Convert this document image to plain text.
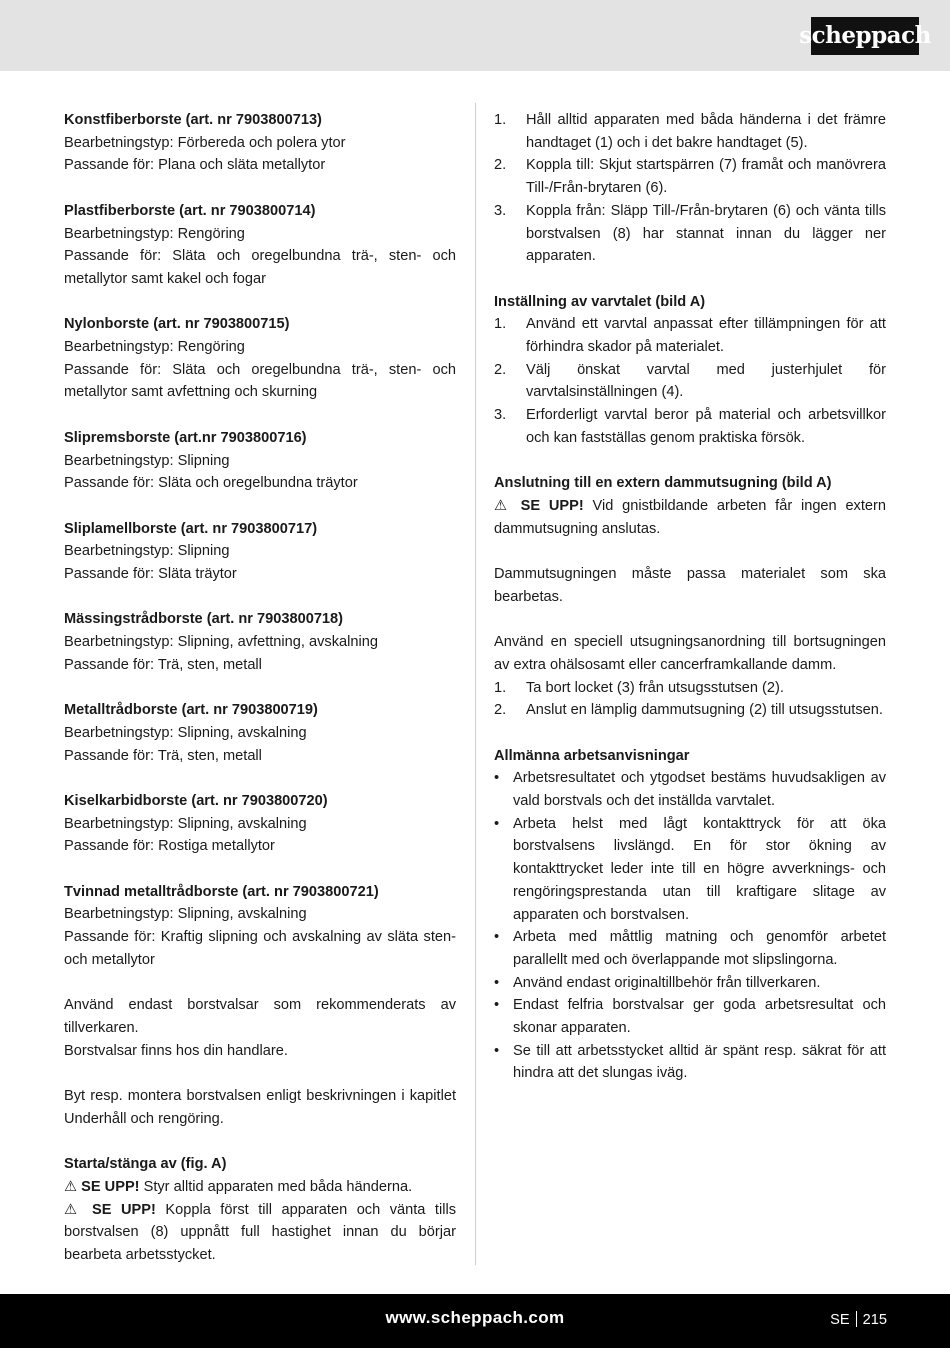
scheppach

Konstfiberborste (art. nr 7903800713)

Bearbetningstyp: Förbereda och polera ytor

Passande för: Plana och släta metallytor

Plastfiberborste (art. nr 7903800714)

Bearbetningstyp: Rengöring

Passande för: Släta och oregelbundna trä-, sten- och metallytor samt kakel och fogar

Nylonborste (art. nr 7903800715)

Bearbetningstyp: Rengöring

Passande för: Släta och oregelbundna trä-, sten- och metallytor samt avfettning och skurning

Slipremsborste (art.nr 7903800716)

Bearbetningstyp: Slipning

Passande för: Släta och oregelbundna träytor

Sliplamellborste (art. nr 7903800717)

Bearbetningstyp: Slipning

Passande för: Släta träytor

Mässingstrådborste (art. nr 7903800718)

Bearbetningstyp: Slipning, avfettning, avskalning

Passande för: Trä, sten, metall

Metalltrådborste (art. nr 7903800719)

Bearbetningstyp: Slipning, avskalning

Passande för: Trä, sten, metall

Kiselkarbidborste (art. nr 7903800720)

Bearbetningstyp: Slipning, avskalning

Passande för: Rostiga metallytor

Tvinnad metalltrådborste (art. nr 7903800721)

Bearbetningstyp: Slipning, avskalning

Passande för: Kraftig slipning och avskalning av släta sten- och metallytor

Använd endast borstvalsar som rekommenderats av tillverkaren.

Borstvalsar finns hos din handlare.

Byt resp. montera borstvalsen enligt beskrivningen i kapitlet Underhåll och rengöring.

Starta/stänga av (fig. A)

⚠ SE UPP! Styr alltid apparaten med båda händerna.

⚠ SE UPP! Koppla först till apparaten och vänta tills borstvalsen (8) uppnått full hastighet innan du börjar bearbeta arbetsstycket.

1. Håll alltid apparaten med båda händerna i det främre handtaget (1) och i det bakre handtaget (5).
2. Koppla till: Skjut startspärren (7) framåt och manövrera Till-/Från-brytaren (6).
3. Koppla från: Släpp Till-/Från-brytaren (6) och vänta tills borstvalsen (8) har stannat innan du lägger ner apparaten.

Inställning av varvtalet (bild A)

1. Använd ett varvtal anpassat efter tillämpningen för att förhindra skador på materialet.
2. Välj önskat varvtal med justerhjulet för varvtalsinställningen (4).
3. Erforderligt varvtal beror på material och arbetsvillkor och kan fastställas genom praktiska försök.

Anslutning till en extern dammutsugning (bild A)

⚠ SE UPP! Vid gnistbildande arbeten får ingen extern dammutsugning anslutas.

Dammutsugningen måste passa materialet som ska bearbetas.

Använd en speciell utsugningsanordning till bortsugningen av extra ohälsosamt eller cancerframkallande damm.

1. Ta bort locket (3) från utsugsstutsen (2).
2. Anslut en lämplig dammutsugning (2) till utsugsstutsen.

Allmänna arbetsanvisningar

• Arbetsresultatet och ytgodset bestäms huvudsakligen av vald borstvals och det inställda varvtalet.
• Arbeta helst med lågt kontakttryck för att öka borstvalsens livslängd. En för stor ökning av kontakttrycket leder inte till en högre avverknings- och rengöringsprestanda utan till kraftigare slitage av apparaten och borstvalsen.
• Arbeta med måttlig matning och genomför arbetet parallellt med och överlappande mot slipslingorna.
• Använd endast originaltillbehör från tillverkaren.
• Endast felfria borstvalsar ger goda arbetsresultat och skonar apparaten.
• Se till att arbetsstycket alltid är spänt resp. säkrat för att hindra att det slungas iväg.
www.scheppach.com	SE 215
